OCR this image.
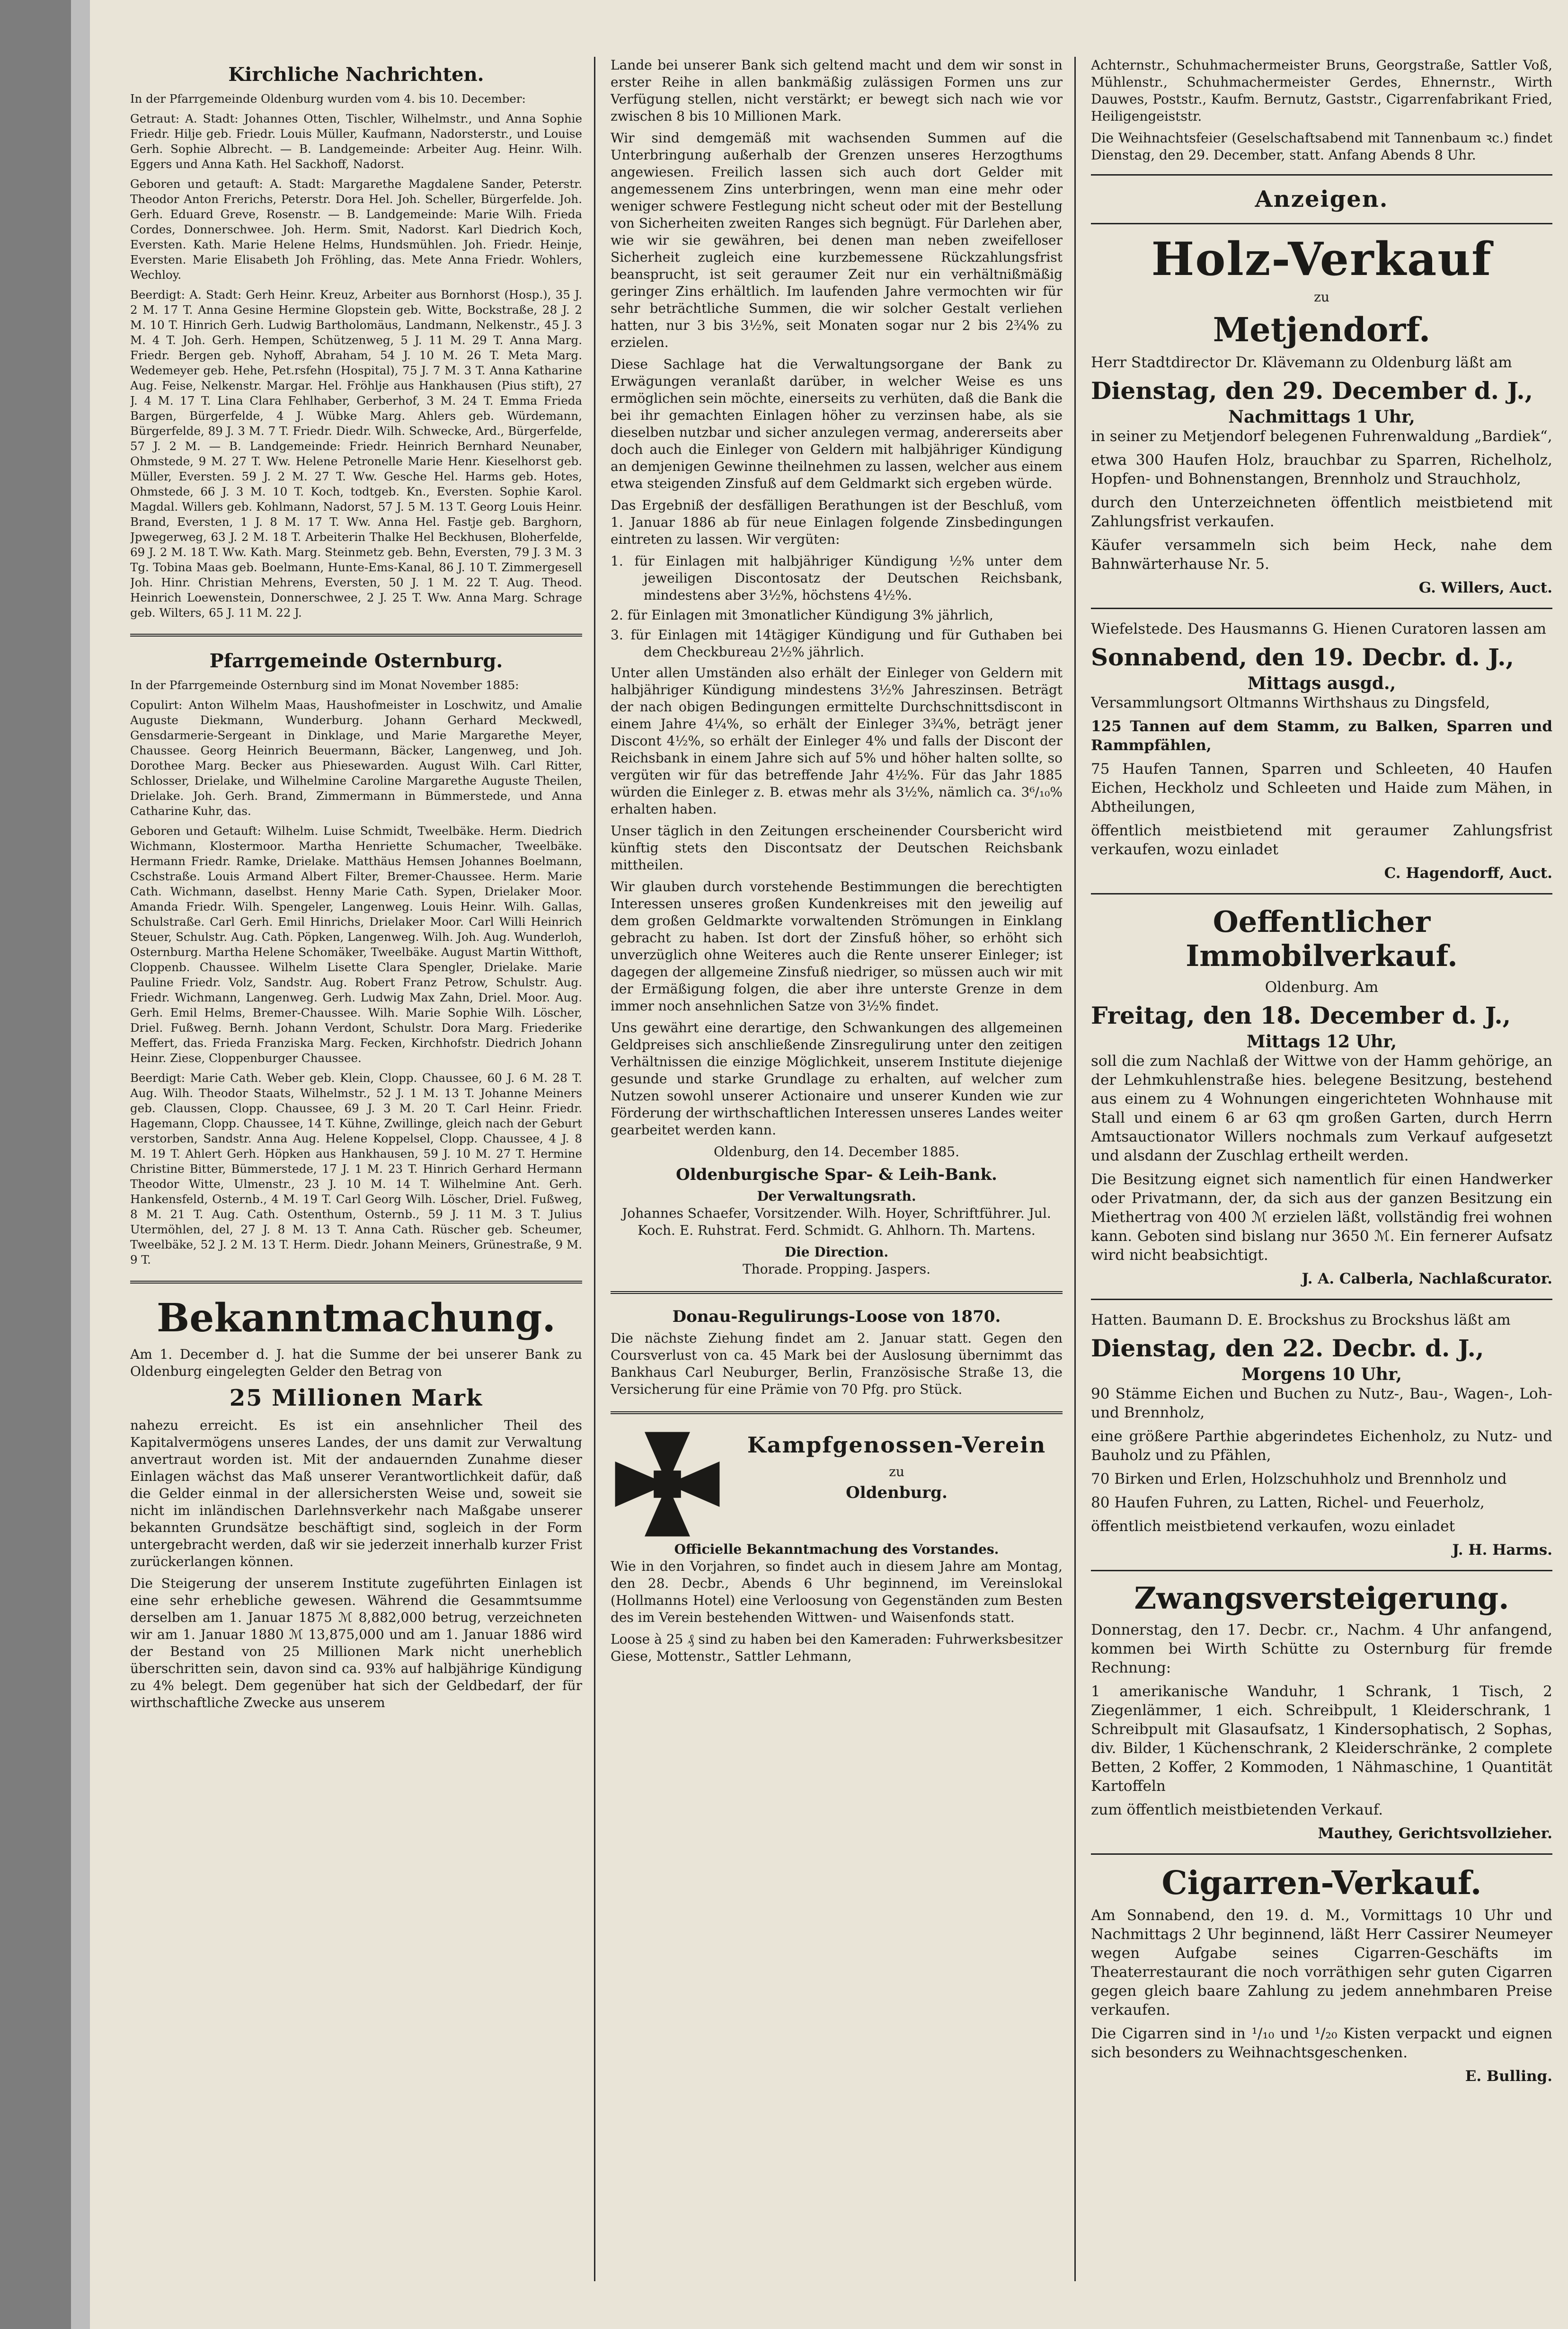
Kirchliche Nachrichten.

In der Pfarrgemeinde Oldenburg wurden vom 4. bis 10. December:

Getraut: A. Stadt: Johannes Otten, Tischler, Wilhelmstr., und Anna Sophie Friedr. Hilje geb. Friedr. Louis Müller, Kaufmann, Nadorsterstr., und Louise Gerh. Sophie Albrecht. — B. Landgemeinde: Arbeiter Aug. Heinr. Wilh. Eggers und Anna Kath. Hel Sackhoff, Nadorst.

Geboren und getauft: A. Stadt: Margarethe Magdalene Sander, Peterstr. Theodor Anton Frerichs, Peterstr. Dora Hel. Joh. Scheller, Bürgerfelde. Joh. Gerh. Eduard Greve, Rosenstr. — B. Landgemeinde: Marie Wilh. Frieda Cordes, Donnerschwee. Joh. Herm. Smit, Nadorst. Karl Diedrich Koch, Eversten. Kath. Marie Helene Helms, Hundsmühlen. Joh. Friedr. Heinje, Eversten. Marie Elisabeth Joh Fröhling, das. Mete Anna Friedr. Wohlers, Wechloy.

Beerdigt: A. Stadt: Gerh Heinr. Kreuz, Arbeiter aus Bornhorst (Hosp.), 35 J. 2 M. 17 T. Anna Gesine Hermine Glopstein geb. Witte, Bockstraße, 28 J. 2 M. 10 T. Hinrich Gerh. Ludwig Bartholomäus, Landmann, Nelkenstr., 45 J. 3 M. 4 T. Joh. Gerh. Hempen, Schützenweg, 5 J. 11 M. 29 T. Anna Marg. Friedr. Bergen geb. Nyhoff, Abraham, 54 J. 10 M. 26 T. Meta Marg. Wedemeyer geb. Hehe, Pet.rsfehn (Hospital), 75 J. 7 M. 3 T. Anna Katharine Aug. Feise, Nelkenstr. Margar. Hel. Fröhlje aus Hankhausen (Pius stift), 27 J. 4 M. 17 T. Lina Clara Fehlhaber, Gerberhof, 3 M. 24 T. Emma Frieda Bargen, Bürgerfelde, 4 J. Wübke Marg. Ahlers geb. Würdemann, Bürgerfelde, 89 J. 3 M. 7 T. Friedr. Diedr. Wilh. Schwecke, Ard., Bürgerfelde, 57 J. 2 M. — B. Landgemeinde: Friedr. Heinrich Bernhard Neunaber, Ohmstede, 9 M. 27 T. Ww. Helene Petronelle Marie Henr. Kieselhorst geb. Müller, Eversten. 59 J. 2 M. 27 T. Ww. Gesche Hel. Harms geb. Hotes, Ohmstede, 66 J. 3 M. 10 T. Koch, todtgeb. Kn., Eversten. Sophie Karol. Magdal. Willers geb. Kohlmann, Nadorst, 57 J. 5 M. 13 T. Georg Louis Heinr. Brand, Eversten, 1 J. 8 M. 17 T. Ww. Anna Hel. Fastje geb. Barghorn, Jpwegerweg, 63 J. 2 M. 18 T. Arbeiterin Thalke Hel Beckhusen, Bloherfelde, 69 J. 2 M. 18 T. Ww. Kath. Marg. Steinmetz geb. Behn, Eversten, 79 J. 3 M. 3 Tg. Tobina Maas geb. Boelmann, Hunte-Ems-Kanal, 86 J. 10 T. Zimmergesell Joh. Hinr. Christian Mehrens, Eversten, 50 J. 1 M. 22 T. Aug. Theod. Heinrich Loewenstein, Donnerschwee, 2 J. 25 T. Ww. Anna Marg. Schrage geb. Wilters, 65 J. 11 M. 22 J.

Pfarrgemeinde Osternburg.

In der Pfarrgemeinde Osternburg sind im Monat November 1885:

Copulirt: Anton Wilhelm Maas, Haushofmeister in Loschwitz, und Amalie Auguste Diekmann, Wunderburg. Johann Gerhard Meckwedl, Gensdarmerie-Sergeant in Dinklage, und Marie Margarethe Meyer, Chaussee. Georg Heinrich Beuermann, Bäcker, Langenweg, und Joh. Dorothee Marg. Becker aus Phiesewarden. August Wilh. Carl Ritter, Schlosser, Drielake, und Wilhelmine Caroline Margarethe Auguste Theilen, Drielake. Joh. Gerh. Brand, Zimmermann in Bümmerstede, und Anna Catharine Kuhr, das.

Geboren und Getauft: Wilhelm. Luise Schmidt, Tweelbäke. Herm. Diedrich Wichmann, Klostermoor. Martha Henriette Schumacher, Tweelbäke. Hermann Friedr. Ramke, Drielake. Matthäus Hemsen Johannes Boelmann, Cschstraße. Louis Armand Albert Filter, Bremer-Chaussee. Herm. Marie Cath. Wichmann, daselbst. Henny Marie Cath. Sypen, Drielaker Moor. Amanda Friedr. Wilh. Spengeler, Langenweg. Louis Heinr. Wilh. Gallas, Schulstraße. Carl Gerh. Emil Hinrichs, Drielaker Moor. Carl Willi Heinrich Steuer, Schulstr. Aug. Cath. Pöpken, Langenweg. Wilh. Joh. Aug. Wunderloh, Osternburg. Martha Helene Schomäker, Tweelbäke. August Martin Witthoft, Cloppenb. Chaussee. Wilhelm Lisette Clara Spengler, Drielake. Marie Pauline Friedr. Volz, Sandstr. Aug. Robert Franz Petrow, Schulstr. Aug. Friedr. Wichmann, Langenweg. Gerh. Ludwig Max Zahn, Driel. Moor. Aug. Gerh. Emil Helms, Bremer-Chaussee. Wilh. Marie Sophie Wilh. Löscher, Driel. Fußweg. Bernh. Johann Verdont, Schulstr. Dora Marg. Friederike Meffert, das. Frieda Franziska Marg. Fecken, Kirchhofstr. Diedrich Johann Heinr. Ziese, Cloppenburger Chaussee.

Beerdigt: Marie Cath. Weber geb. Klein, Clopp. Chaussee, 60 J. 6 M. 28 T. Aug. Wilh. Theodor Staats, Wilhelmstr., 52 J. 1 M. 13 T. Johanne Meiners geb. Claussen, Clopp. Chaussee, 69 J. 3 M. 20 T. Carl Heinr. Friedr. Hagemann, Clopp. Chaussee, 14 T. Kühne, Zwillinge, gleich nach der Geburt verstorben, Sandstr. Anna Aug. Helene Koppelsel, Clopp. Chaussee, 4 J. 8 M. 19 T. Ahlert Gerh. Höpken aus Hankhausen, 59 J. 10 M. 27 T. Hermine Christine Bitter, Bümmerstede, 17 J. 1 M. 23 T. Hinrich Gerhard Hermann Theodor Witte, Ulmenstr., 23 J. 10 M. 14 T. Wilhelmine Ant. Gerh. Hankensfeld, Osternb., 4 M. 19 T. Carl Georg Wilh. Löscher, Driel. Fußweg, 8 M. 21 T. Aug. Cath. Ostenthum, Osternb., 59 J. 11 M. 3 T. Julius Utermöhlen, del, 27 J. 8 M. 13 T. Anna Cath. Rüscher geb. Scheumer, Tweelbäke, 52 J. 2 M. 13 T. Herm. Diedr. Johann Meiners, Grünestraße, 9 M. 9 T.

Bekanntmachung.

Am 1. December d. J. hat die Summe der bei unserer Bank zu Oldenburg eingelegten Gelder den Betrag von

25 Millionen Mark

nahezu erreicht. Es ist ein ansehnlicher Theil des Kapitalvermögens unseres Landes, der uns damit zur Verwaltung anvertraut worden ist. Mit der andauernden Zunahme dieser Einlagen wächst das Maß unserer Verantwortlichkeit dafür, daß die Gelder einmal in der allersichersten Weise und, soweit sie nicht im inländischen Darlehnsverkehr nach Maßgabe unserer bekannten Grundsätze beschäftigt sind, sogleich in der Form untergebracht werden, daß wir sie jederzeit innerhalb kurzer Frist zurückerlangen können.

Die Steigerung der unserem Institute zugeführten Einlagen ist eine sehr erhebliche gewesen. Während die Gesammtsumme derselben am 1. Januar 1875 ℳ 8,882,000 betrug, verzeichneten wir am 1. Januar 1880 ℳ 13,875,000 und am 1. Januar 1886 wird der Bestand von 25 Millionen Mark nicht unerheblich überschritten sein, davon sind ca. 93% auf halbjährige Kündigung zu 4% belegt. Dem gegenüber hat sich der Geldbedarf, der für wirthschaftliche Zwecke aus unserem

Lande bei unserer Bank sich geltend macht und dem wir sonst in erster Reihe in allen bankmäßig zulässigen Formen uns zur Verfügung stellen, nicht verstärkt; er bewegt sich nach wie vor zwischen 8 bis 10 Millionen Mark.

Wir sind demgemäß mit wachsenden Summen auf die Unterbringung außerhalb der Grenzen unseres Herzogthums angewiesen. Freilich lassen sich auch dort Gelder mit angemessenem Zins unterbringen, wenn man eine mehr oder weniger schwere Festlegung nicht scheut oder mit der Bestellung von Sicherheiten zweiten Ranges sich begnügt. Für Darlehen aber, wie wir sie gewähren, bei denen man neben zweifelloser Sicherheit zugleich eine kurzbemessene Rückzahlungsfrist beansprucht, ist seit geraumer Zeit nur ein verhältnißmäßig geringer Zins erhältlich. Im laufenden Jahre vermochten wir für sehr beträchtliche Summen, die wir solcher Gestalt verliehen hatten, nur 3 bis 3½%, seit Monaten sogar nur 2 bis 2¾% zu erzielen.

Diese Sachlage hat die Verwaltungsorgane der Bank zu Erwägungen veranlaßt darüber, in welcher Weise es uns ermöglichen sein möchte, einerseits zu verhüten, daß die Bank die bei ihr gemachten Einlagen höher zu verzinsen habe, als sie dieselben nutzbar und sicher anzulegen vermag, andererseits aber doch auch die Einleger von Geldern mit halbjähriger Kündigung an demjenigen Gewinne theilnehmen zu lassen, welcher aus einem etwa steigenden Zinsfuß auf dem Geldmarkt sich ergeben würde.

Das Ergebniß der desfälligen Berathungen ist der Beschluß, vom 1. Januar 1886 ab für neue Einlagen folgende Zinsbedingungen eintreten zu lassen. Wir vergüten:

1. für Einlagen mit halbjähriger Kündigung ½% unter dem jeweiligen Discontosatz der Deutschen Reichsbank, mindestens aber 3½%, höchstens 4½%.
2. für Einlagen mit 3monatlicher Kündigung 3% jährlich,
3. für Einlagen mit 14tägiger Kündigung und für Guthaben bei dem Checkbureau 2½% jährlich.

Unter allen Umständen also erhält der Einleger von Geldern mit halbjähriger Kündigung mindestens 3½% Jahreszinsen. Beträgt der nach obigen Bedingungen ermittelte Durchschnittsdiscont in einem Jahre 4¼%, so erhält der Einleger 3¾%, beträgt jener Discont 4½%, so erhält der Einleger 4% und falls der Discont der Reichsbank in einem Jahre sich auf 5% und höher halten sollte, so vergüten wir für das betreffende Jahr 4½%. Für das Jahr 1885 würden die Einleger z. B. etwas mehr als 3½%, nämlich ca. 3⁶/₁₀% erhalten haben.

Unser täglich in den Zeitungen erscheinender Coursbericht wird künftig stets den Discontsatz der Deutschen Reichsbank mittheilen.

Wir glauben durch vorstehende Bestimmungen die berechtigten Interessen unseres großen Kundenkreises mit den jeweilig auf dem großen Geldmarkte vorwaltenden Strömungen in Einklang gebracht zu haben. Ist dort der Zinsfuß höher, so erhöht sich unverzüglich ohne Weiteres auch die Rente unserer Einleger; ist dagegen der allgemeine Zinsfuß niedriger, so müssen auch wir mit der Ermäßigung folgen, die aber ihre unterste Grenze in dem immer noch ansehnlichen Satze von 3½% findet.

Uns gewährt eine derartige, den Schwankungen des allgemeinen Geldpreises sich anschließende Zinsregulirung unter den zeitigen Verhältnissen die einzige Möglichkeit, unserem Institute diejenige gesunde und starke Grundlage zu erhalten, auf welcher zum Nutzen sowohl unserer Actionaire und unserer Kunden wie zur Förderung der wirthschaftlichen Interessen unseres Landes weiter gearbeitet werden kann.

Oldenburg, den 14. December 1885.

Oldenburgische Spar- & Leih-Bank.
Der Verwaltungsrath.

Johannes Schaefer, Vorsitzender. Wilh. Hoyer, Schriftführer. Jul. Koch. E. Ruhstrat. Ferd. Schmidt. G. Ahlhorn. Th. Martens.

Die Direction.
Thorade. Propping. Jaspers.
Donau-Regulirungs-Loose von 1870.

Die nächste Ziehung findet am 2. Januar statt. Gegen den Coursverlust von ca. 45 Mark bei der Auslosung übernimmt das Bankhaus Carl Neuburger, Berlin, Französische Straße 13, die Versicherung für eine Prämie von 70 Pfg. pro Stück.

Kampfgenossen-Verein
zu
Oldenburg.
Officielle Bekanntmachung des Vorstandes.

Wie in den Vorjahren, so findet auch in diesem Jahre am Montag, den 28. Decbr., Abends 6 Uhr beginnend, im Vereinslokal (Hollmanns Hotel) eine Verloosung von Gegenständen zum Besten des im Verein bestehenden Wittwen- und Waisenfonds statt.

Loose à 25 ₰ sind zu haben bei den Kameraden: Fuhrwerksbesitzer Giese, Mottenstr., Sattler Lehmann,

Achternstr., Schuhmachermeister Bruns, Georgstraße, Sattler Voß, Mühlenstr., Schuhmachermeister Gerdes, Ehnernstr., Wirth Dauwes, Poststr., Kaufm. Bernutz, Gaststr., Cigarrenfabrikant Fried, Heiligengeiststr.

Die Weihnachtsfeier (Geselschaftsabend mit Tannenbaum ꝛc.) findet Dienstag, den 29. December, statt. Anfang Abends 8 Uhr.

Anzeigen.
Holz-Verkauf
zu
Metjendorf.

Herr Stadtdirector Dr. Klävemann zu Oldenburg läßt am

Dienstag, den 29. December d. J.,
Nachmittags 1 Uhr,

in seiner zu Metjendorf belegenen Fuhrenwaldung „Bardiek“,

etwa 300 Haufen Holz, brauchbar zu Sparren, Richelholz, Hopfen- und Bohnenstangen, Brennholz und Strauchholz,

durch den Unterzeichneten öffentlich meistbietend mit Zahlungsfrist verkaufen.

Käufer versammeln sich beim Heck, nahe dem Bahnwärterhause Nr. 5.

G. Willers, Auct.

Wiefelstede. Des Hausmanns G. Hienen Curatoren lassen am

Sonnabend, den 19. Decbr. d. J.,
Mittags ausgd.,

Versammlungsort Oltmanns Wirthshaus zu Dingsfeld,

125 Tannen auf dem Stamm, zu Balken, Sparren und Rammpfählen,

75 Haufen Tannen, Sparren und Schleeten, 40 Haufen Eichen, Heckholz und Schleeten und Haide zum Mähen, in Abtheilungen,

öffentlich meistbietend mit geraumer Zahlungsfrist verkaufen, wozu einladet

C. Hagendorff, Auct.
Oeffentlicher Immobilverkauf.

Oldenburg. Am

Freitag, den 18. December d. J.,
Mittags 12 Uhr,

soll die zum Nachlaß der Wittwe von der Hamm gehörige, an der Lehmkuhlenstraße hies. belegene Besitzung, bestehend aus einem zu 4 Wohnungen eingerichteten Wohnhause mit Stall und einem 6 ar 63 qm großen Garten, durch Herrn Amtsauctionator Willers nochmals zum Verkauf aufgesetzt und alsdann der Zuschlag ertheilt werden.

Die Besitzung eignet sich namentlich für einen Handwerker oder Privatmann, der, da sich aus der ganzen Besitzung ein Miethertrag von 400 ℳ erzielen läßt, vollständig frei wohnen kann. Geboten sind bislang nur 3650 ℳ. Ein fernerer Aufsatz wird nicht beabsichtigt.

J. A. Calberla, Nachlaßcurator.

Hatten. Baumann D. E. Brockshus zu Brockshus läßt am

Dienstag, den 22. Decbr. d. J.,
Morgens 10 Uhr,

90 Stämme Eichen und Buchen zu Nutz-, Bau-, Wagen-, Loh- und Brennholz,

eine größere Parthie abgerindetes Eichenholz, zu Nutz- und Bauholz und zu Pfählen,

70 Birken und Erlen, Holzschuhholz und Brennholz und

80 Haufen Fuhren, zu Latten, Richel- und Feuerholz,

öffentlich meistbietend verkaufen, wozu einladet

J. H. Harms.
Zwangsversteigerung.

Donnerstag, den 17. Decbr. cr., Nachm. 4 Uhr anfangend, kommen bei Wirth Schütte zu Osternburg für fremde Rechnung:

1 amerikanische Wanduhr, 1 Schrank, 1 Tisch, 2 Ziegenlämmer, 1 eich. Schreibpult, 1 Kleiderschrank, 1 Schreibpult mit Glasaufsatz, 1 Kindersophatisch, 2 Sophas, div. Bilder, 1 Küchenschrank, 2 Kleiderschränke, 2 complete Betten, 2 Koffer, 2 Kommoden, 1 Nähmaschine, 1 Quantität Kartoffeln

zum öffentlich meistbietenden Verkauf.

Mauthey, Gerichtsvollzieher.
Cigarren-Verkauf.

Am Sonnabend, den 19. d. M., Vormittags 10 Uhr und Nachmittags 2 Uhr beginnend, läßt Herr Cassirer Neumeyer wegen Aufgabe seines Cigarren-Geschäfts im Theaterrestaurant die noch vorräthigen sehr guten Cigarren gegen gleich baare Zahlung zu jedem annehmbaren Preise verkaufen.

Die Cigarren sind in ¹/₁₀ und ¹/₂₀ Kisten verpackt und eignen sich besonders zu Weihnachtsgeschenken.

E. Bulling.
